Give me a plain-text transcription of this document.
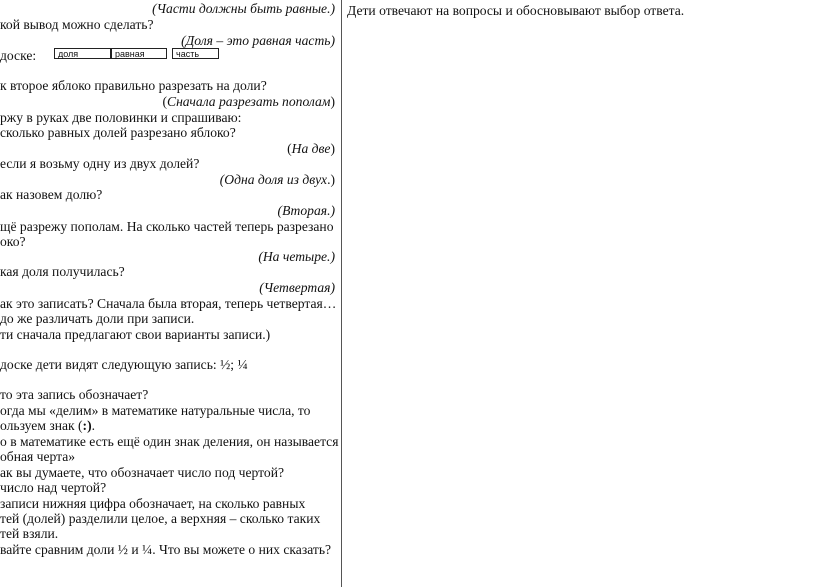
(Части должны быть равные.)
кой вывод можно сделать?
(Доля – это равная часть)
доске:	доля	равная	часть
к второе яблоко правильно разрезать на доли?
(Сначала разрезать пополам)
ржу в руках две половинки и спрашиваю:
сколько равных долей разрезано яблоко?
(На две)
если я возьму одну из двух долей?
(Одна доля из двух.)
ак назовем долю?
(Вторая.)
щё разрежу пополам. На сколько частей теперь разрезано
око?
(На четыре.)
кая доля получилась?
(Четвертая)
ак это записать? Сначала была вторая, теперь четвертая…
до же различать доли при записи.
ти сначала предлагают свои варианты записи.)
доске дети видят следующую запись: ½; ¼
то эта запись обозначает?
огда мы «делим» в математике натуральные числа, то
ользуем знак (:).
о в математике есть ещё один знак деления, он называется
обная черта»
ак вы думаете, что обозначает число под чертой?
число над чертой?
записи нижняя цифра обозначает, на сколько равных
тей (долей) разделили целое, а верхняя – сколько таких
тей взяли.
вайте сравним доли ½ и ¼. Что вы можете о них сказать?
Дети отвечают на вопросы и обосновывают выбор ответа.
